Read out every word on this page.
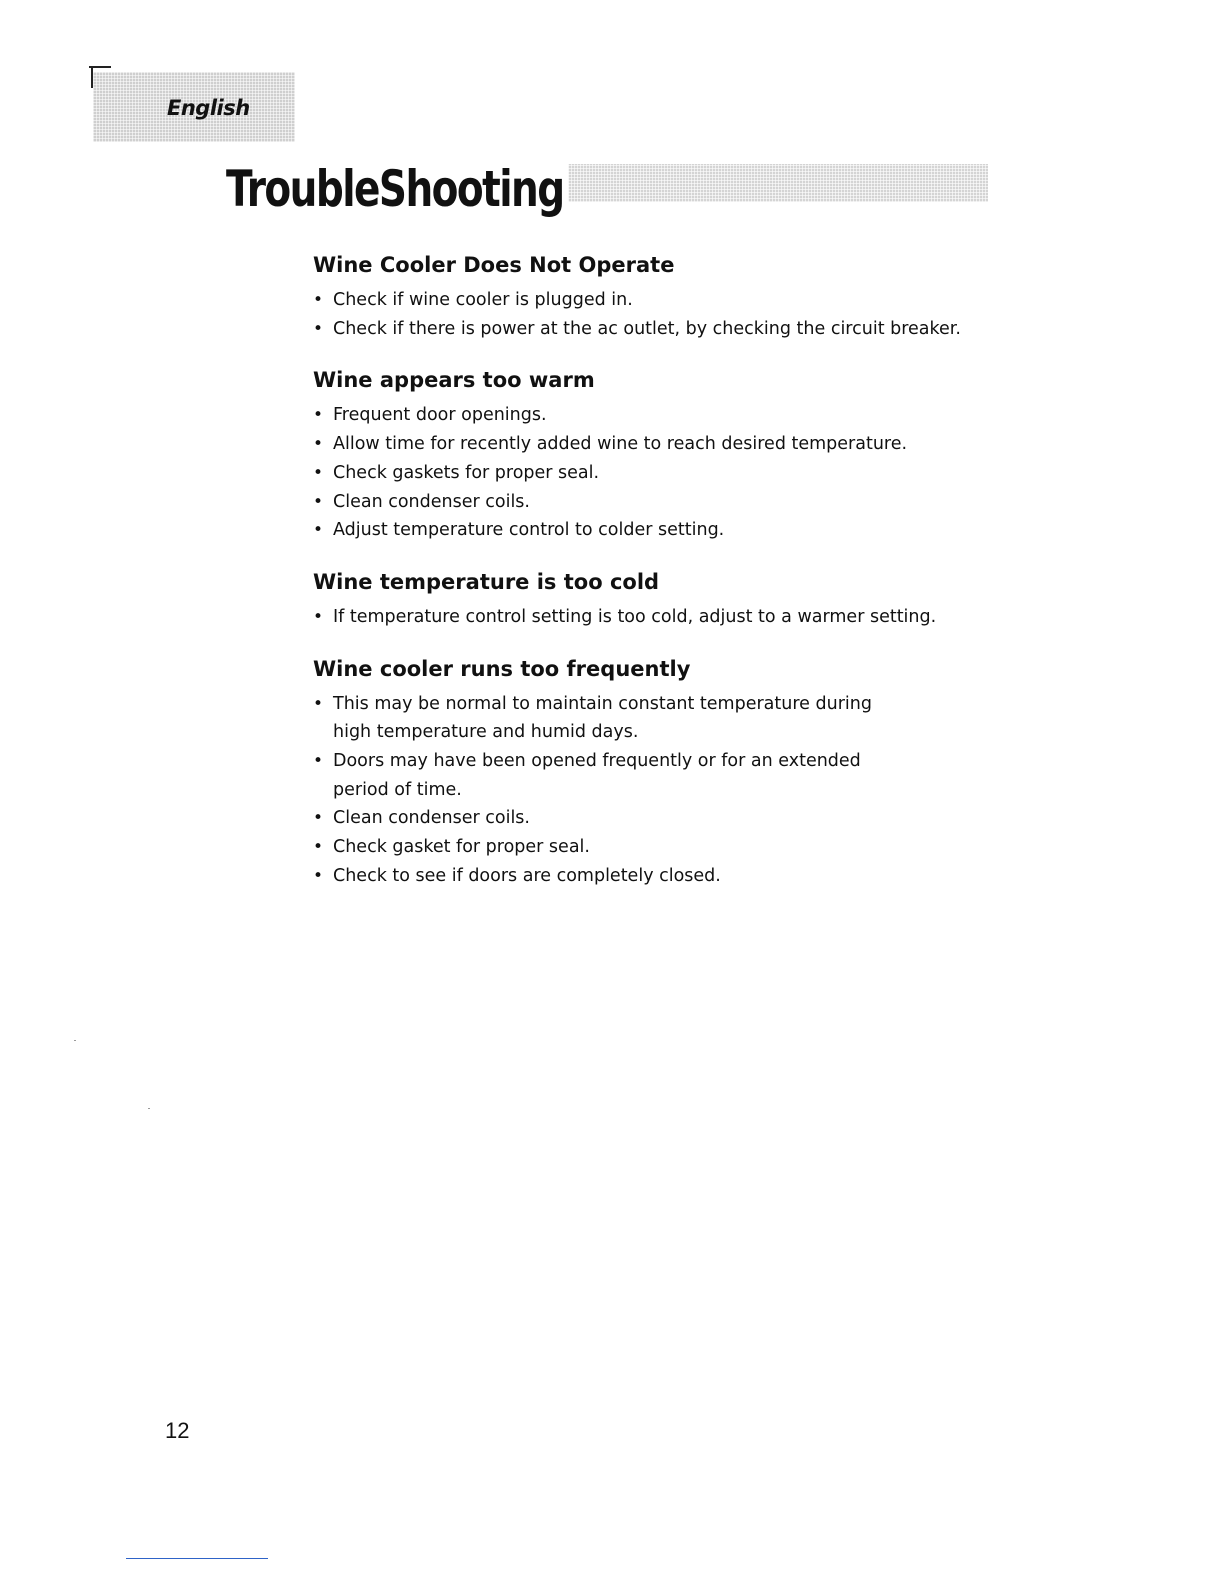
English
TroubleShooting
Wine Cooler Does Not Operate
• Check if wine cooler is plugged in.
• Check if there is power at the ac outlet, by checking the circuit breaker.
Wine appears too warm
• Frequent door openings.
• Allow time for recently added wine to reach desired temperature.
• Check gaskets for proper seal.
• Clean condenser coils.
• Adjust temperature control to colder setting.
Wine temperature is too cold
• If temperature control setting is too cold, adjust to a warmer setting.
Wine cooler runs too frequently
• This may be normal to maintain constant temperature during high temperature and humid days.
• Doors may have been opened frequently or for an extended period of time.
• Clean condenser coils.
• Check gasket for proper seal.
• Check to see if doors are completely closed.
12
